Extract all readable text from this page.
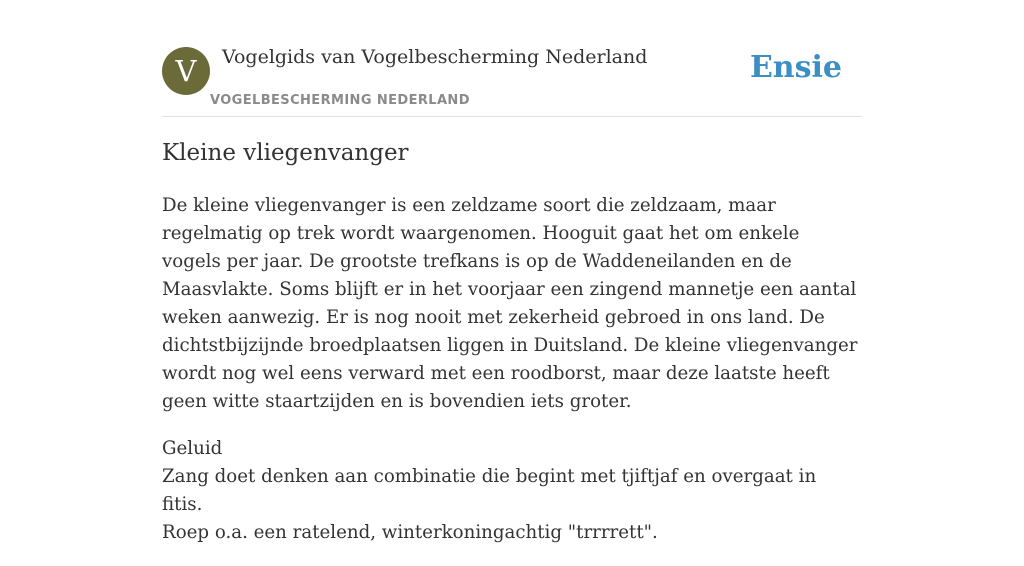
V	Vogelgids van Vogelbescherming Nederland
VOGELBESCHERMING NEDERLAND
Ensie
Kleine vliegenvanger

De kleine vliegenvanger is een zeldzame soort die zeldzaam, maar regelmatig op trek wordt waargenomen. Hooguit gaat het om enkele vogels per jaar. De grootste trefkans is op de Waddeneilanden en de Maasvlakte. Soms blijft er in het voorjaar een zingend mannetje een aantal weken aanwezig. Er is nog nooit met zekerheid gebroed in ons land. De dichtstbijzijnde broedplaatsen liggen in Duitsland. De kleine vliegenvanger wordt nog wel eens verward met een roodborst, maar deze laatste heeft geen witte staartzijden en is bovendien iets groter.

Geluid
Zang doet denken aan combinatie die begint met tjiftjaf en overgaat in fitis.
Roep o.a. een ratelend, winterkoningachtig "trrrrett".
